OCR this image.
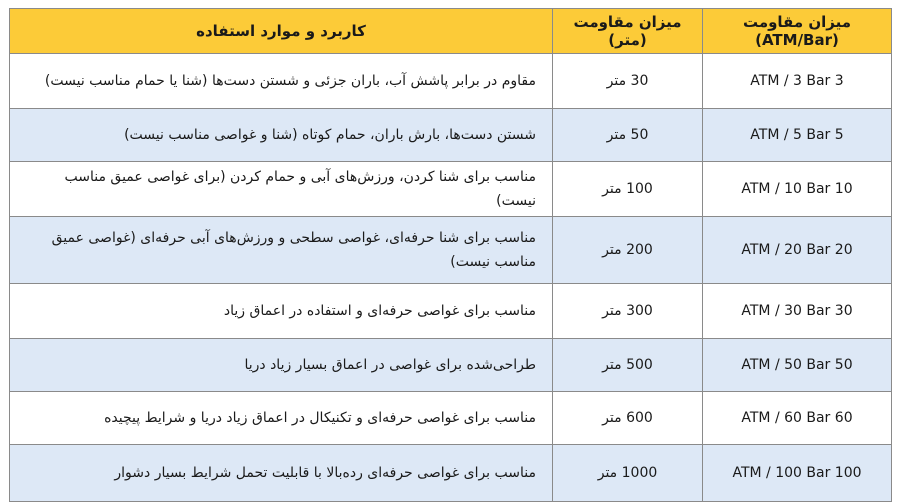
میزان مقاومت (ATM/Bar)	میزان مقاومت (متر)	کاربرد و موارد استفاده
3 ATM / 3 Bar	30 متر	مقاوم در برابر پاشش آب، باران جزئی و شستن دست‌ها (شنا یا حمام مناسب نیست)
5 ATM / 5 Bar	50 متر	شستن دست‌ها، بارش باران، حمام کوتاه (شنا و غواصی مناسب نیست)
10 ATM / 10 Bar	100 متر	مناسب برای شنا کردن، ورزش‌های آبی و حمام کردن (برای غواصی عمیق مناسب نیست)
20 ATM / 20 Bar	200 متر	مناسب برای شنا حرفه‌ای، غواصی سطحی و ورزش‌های آبی حرفه‌ای (غواصی عمیق مناسب نیست)
30 ATM / 30 Bar	300 متر	مناسب برای غواصی حرفه‌ای و استفاده در اعماق زیاد
50 ATM / 50 Bar	500 متر	طراحی‌شده برای غواصی در اعماق بسیار زیاد دریا
60 ATM / 60 Bar	600 متر	مناسب برای غواصی حرفه‌ای و تکنیکال در اعماق زیاد دریا و شرایط پیچیده
100 ATM / 100 Bar	1000 متر	مناسب برای غواصی حرفه‌ای رده‌بالا با قابلیت تحمل شرایط بسیار دشوار
